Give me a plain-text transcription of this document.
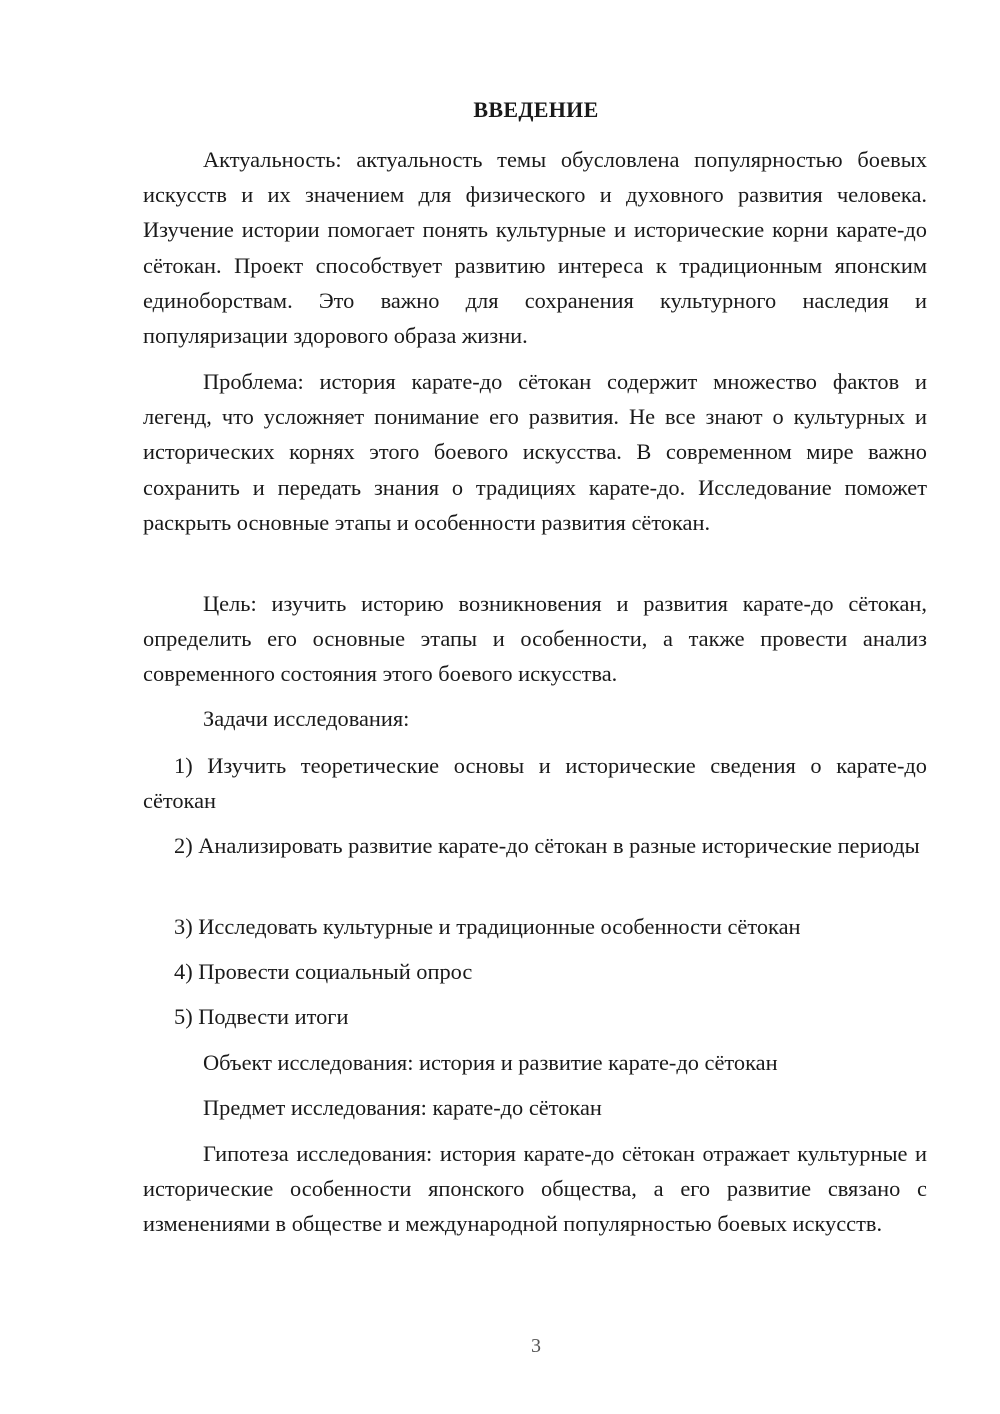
ВВЕДЕНИЕ

Актуальность: актуальность темы обусловлена популярностью боевых искусств и их значением для физического и духовного развития человека. Изучение истории помогает понять культурные и исторические корни карате-до сётокан. Проект способствует развитию интереса к традиционным японским единоборствам. Это важно для сохранения культурного наследия и популяризации здорового образа жизни.

Проблема: история карате-до сётокан содержит множество фактов и легенд, что усложняет понимание его развития. Не все знают о культурных и исторических корнях этого боевого искусства. В современном мире важно сохранить и передать знания о традициях карате-до. Исследование поможет раскрыть основные этапы и особенности развития сётокан.

Цель: изучить историю возникновения и развития карате-до сётокан, определить его основные этапы и особенности, а также провести анализ современного состояния этого боевого искусства.

Задачи исследования:

1) Изучить теоретические основы и исторические сведения о карате-до сётокан

2) Анализировать развитие карате-до сётокан в разные исторические периоды

3) Исследовать культурные и традиционные особенности сётокан

4) Провести социальный опрос

5) Подвести итоги

Объект исследования: история и развитие карате-до сётокан

Предмет исследования: карате-до сётокан

Гипотеза исследования: история карате-до сётокан отражает культурные и исторические особенности японского общества, а его развитие связано с изменениями в обществе и международной популярностью боевых искусств.

3
